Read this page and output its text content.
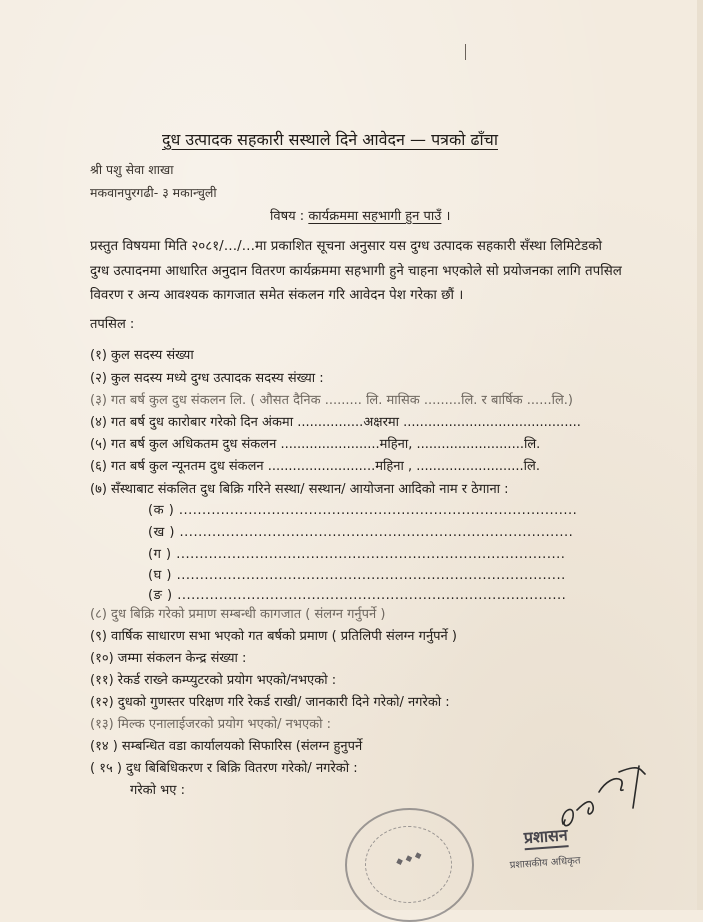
दुध उत्पादक सहकारी सस्थाले दिने आवेदन — पत्रको ढाँचा
श्री पशु सेवा शाखा
मकवानपुरगढी- ३ मकान्चुली
विषय : कार्यक्रममा सहभागी हुन पाउँ ।
प्रस्तुत विषयमा मिति २०८१/…/…मा प्रकाशित सूचना अनुसार यस दुग्ध उत्पादक सहकारी सँस्था लिमिटेडको
दुग्ध उत्पादनमा आधारित अनुदान वितरण कार्यक्रममा सहभागी हुने चाहना भएकोले सो प्रयोजनका लागि तपसिल
विवरण र अन्य आवश्यक कागजात समेत संकलन गरि आवेदन पेश गरेका छौं ।
तपसिल :
(१) कुल सदस्य संख्या
(२) कुल सदस्य मध्ये दुग्ध उत्पादक सदस्य संख्या :
(३) गत बर्ष कुल दुध संकलन लि. ( औसत दैनिक ......... लि. मासिक .........लि. र बार्षिक ......लि.)
(४) गत बर्ष दुध कारोबार गरेको दिन अंकमा ................अक्षरमा ...........................................
(५) गत बर्ष कुल अधिकतम दुध संकलन ........................महिना, ..........................लि.
(६) गत बर्ष कुल न्यूनतम दुध संकलन ..........................महिना , ..........................लि.
(७) सँस्थाबाट संकलित दुध बिक्रि गरिने सस्था/ सस्थान/ आयोजना आदिको नाम र ठेगाना :
(क ) ......................................................................................
(ख ) .....................................................................................
(ग ) ....................................................................................
(घ ) ....................................................................................
(ङ ) ....................................................................................
(८) दुध बिक्रि गरेको प्रमाण सम्बन्धी कागजात ( संलग्न गर्नुपर्ने )
(९) वार्षिक साधारण सभा भएको गत बर्षको प्रमाण ( प्रतिलिपी संलग्न गर्नुपर्ने )
(१०) जम्मा संकलन केन्द्र संख्या :
(११) रेकर्ड राख्ने कम्प्युटरको प्रयोग भएको/नभएको :
(१२) दुधको गुणस्तर परिक्षण गरि रेकर्ड राखी/ जानकारी दिने गरेको/ नगरेको :
(१३) मिल्क एनालाईजरको प्रयोग भएको/ नभएको :
(१४ ) सम्बन्धित वडा कार्यालयको सिफारिस (संलग्न हुनुपर्ने
( १५ ) दुध बिबिधिकरण र बिक्रि वितरण गरेको/ नगरेको :
गरेको भए :
◆ ◆ ◆
प्रशासन
प्रशासकीय अधिकृत
